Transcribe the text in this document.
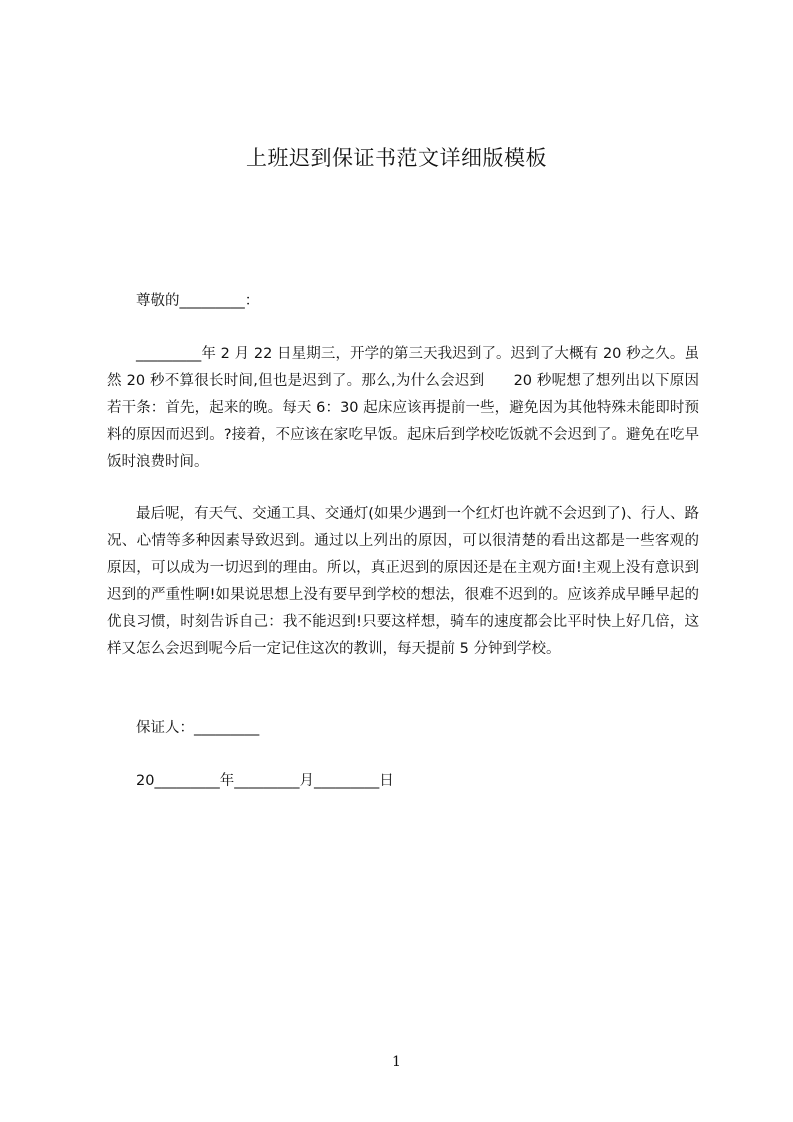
上班迟到保证书范文详细版模板
尊敬的_________：
_________年 2 月 22 日星期三，开学的第三天我迟到了。迟到了大概有 20 秒之久。虽然 20 秒不算很长时间,但也是迟到了。那么,为什么会迟到      20 秒呢想了想列出以下原因若干条：首先，起来的晚。每天 6：30 起床应该再提前一些，避免因为其他特殊未能即时预料的原因而迟到。?接着，不应该在家吃早饭。起床后到学校吃饭就不会迟到了。避免在吃早饭时浪费时间。
最后呢，有天气、交通工具、交通灯(如果少遇到一个红灯也许就不会迟到了)、行人、路况、心情等多种因素导致迟到。通过以上列出的原因，可以很清楚的看出这都是一些客观的原因，可以成为一切迟到的理由。所以，真正迟到的原因还是在主观方面!主观上没有意识到迟到的严重性啊!如果说思想上没有要早到学校的想法，很难不迟到的。应该养成早睡早起的优良习惯，时刻告诉自己：我不能迟到!只要这样想，骑车的速度都会比平时快上好几倍，这样又怎么会迟到呢今后一定记住这次的教训，每天提前 5 分钟到学校。
保证人：_________
20_________年_________月_________日
1
